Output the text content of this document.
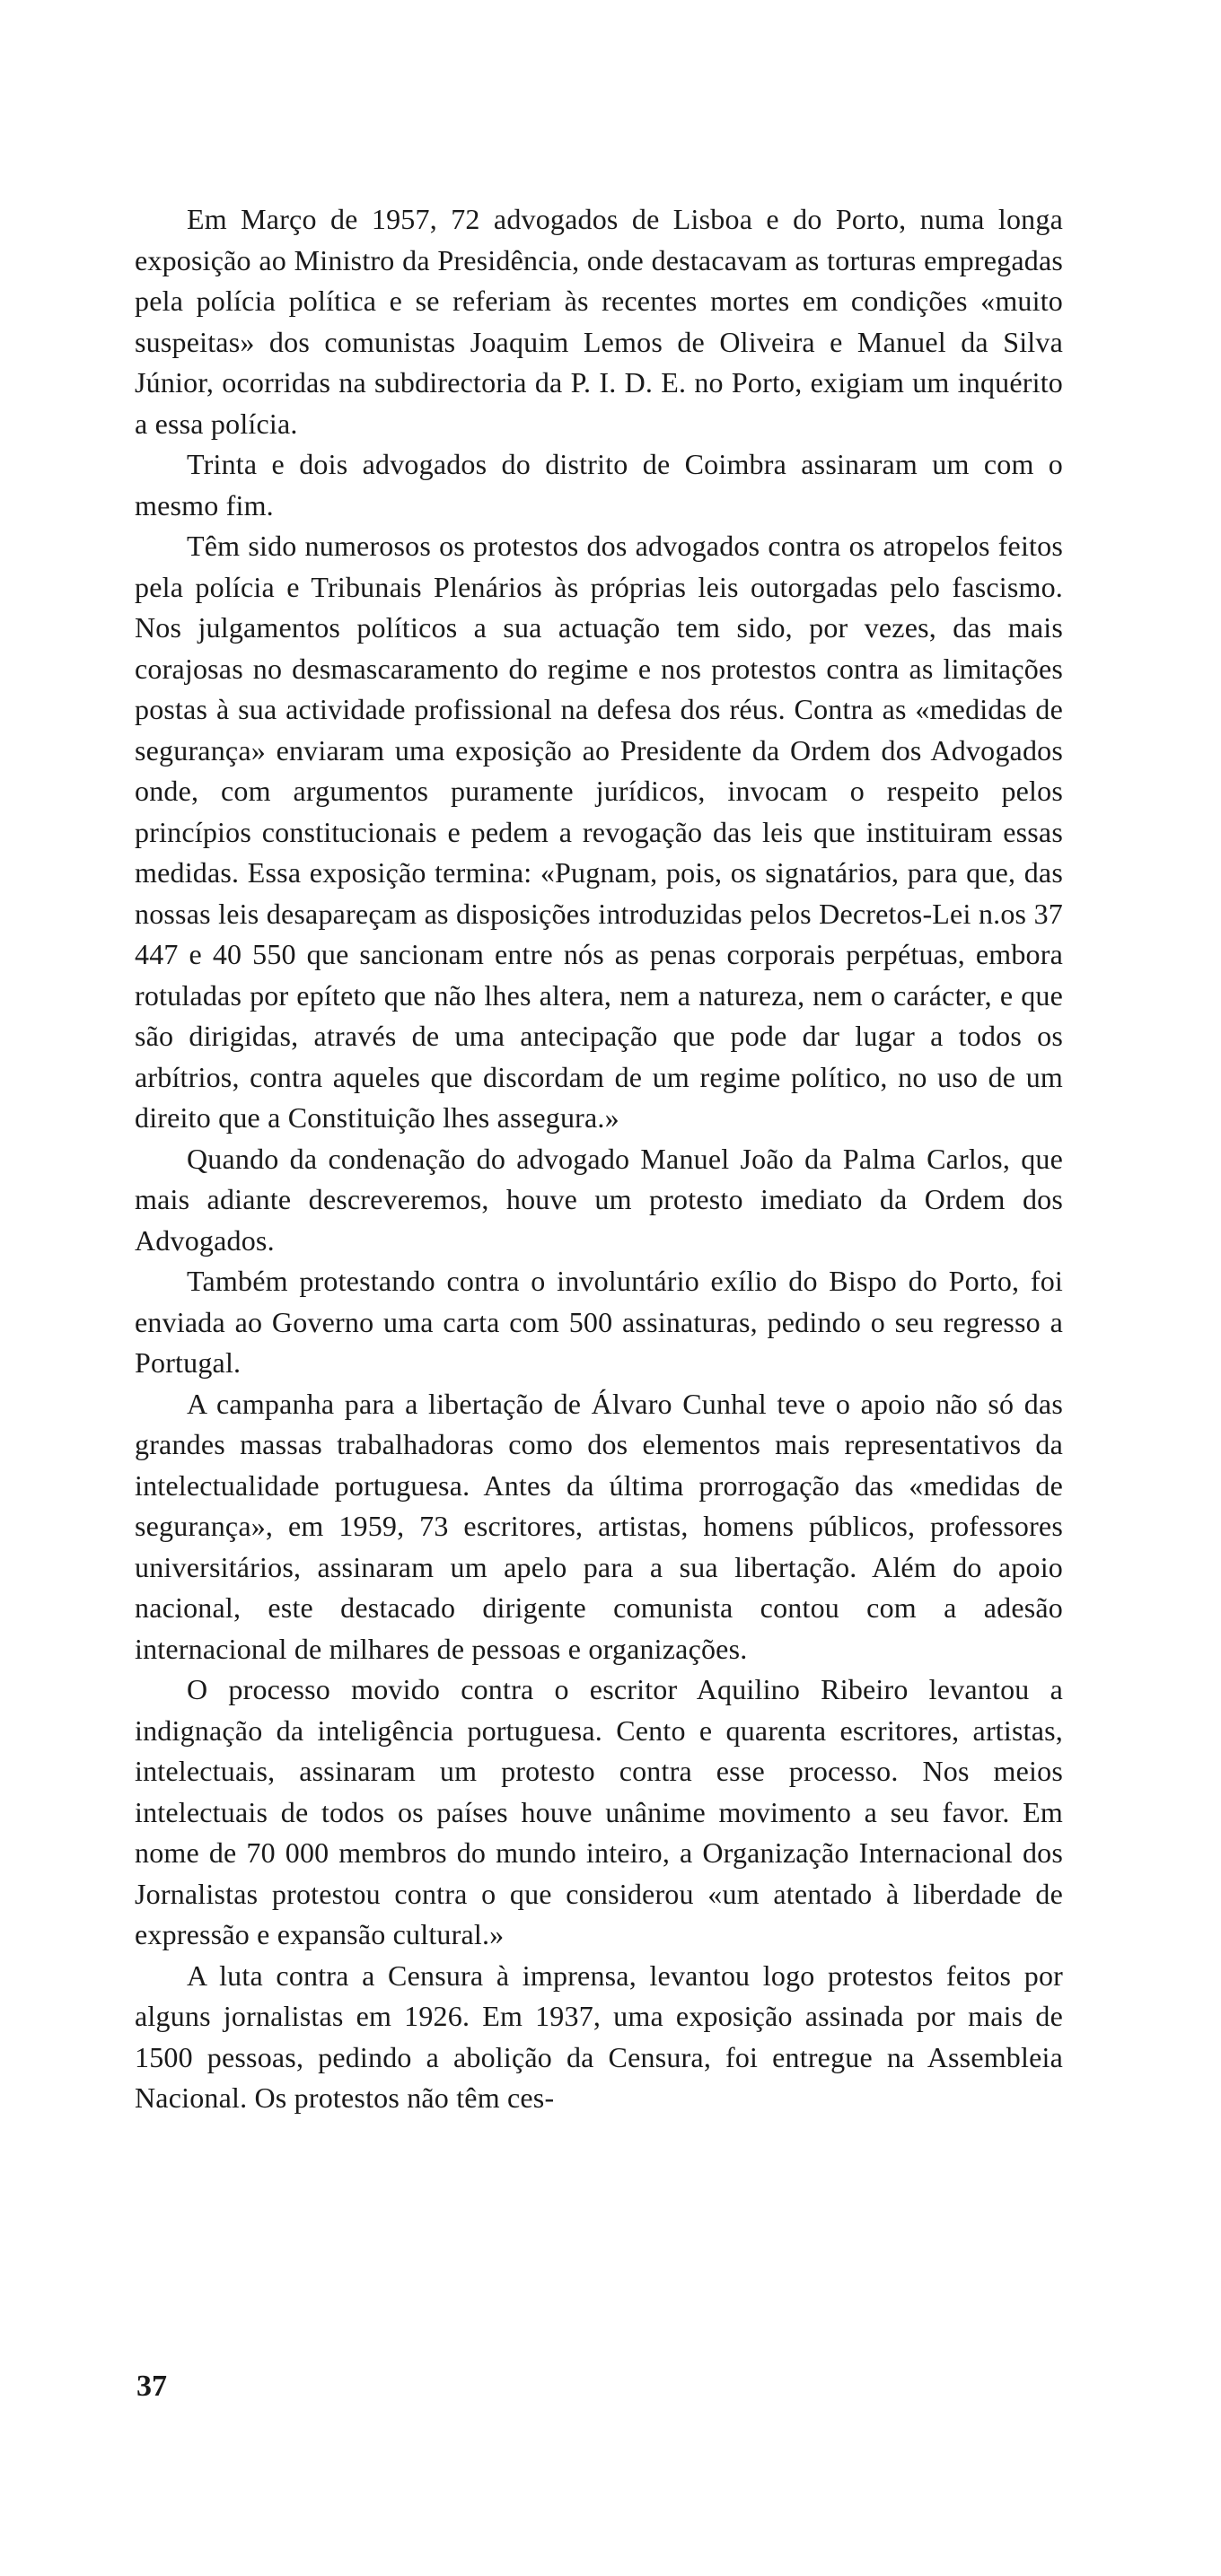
Em Março de 1957, 72 advogados de Lisboa e do Porto, numa longa exposição ao Ministro da Presidência, onde destacavam as torturas empregadas pela polícia política e se referiam às recentes mortes em condições «muito suspeitas» dos comunistas Joaquim Lemos de Oliveira e Manuel da Silva Júnior, ocorridas na subdirectoria da P. I. D. E. no Porto, exigiam um inquérito a essa polícia.

Trinta e dois advogados do distrito de Coimbra assinaram um com o mesmo fim.

Têm sido numerosos os protestos dos advogados contra os atropelos feitos pela polícia e Tribunais Plenários às próprias leis outorgadas pelo fascismo. Nos julgamentos políticos a sua actuação tem sido, por vezes, das mais corajosas no desmascaramento do regime e nos protestos contra as limitações postas à sua actividade profissional na defesa dos réus. Contra as «medidas de segurança» enviaram uma exposição ao Presidente da Ordem dos Advogados onde, com argumentos puramente jurídicos, invocam o respeito pelos princípios constitucionais e pedem a revogação das leis que instituiram essas medidas. Essa exposição termina: «Pugnam, pois, os signatários, para que, das nossas leis desapareçam as disposições introduzidas pelos Decretos-Lei n.os 37 447 e 40 550 que sancionam entre nós as penas corporais perpétuas, embora rotuladas por epíteto que não lhes altera, nem a natureza, nem o carácter, e que são dirigidas, através de uma antecipação que pode dar lugar a todos os arbítrios, contra aqueles que discordam de um regime político, no uso de um direito que a Constituição lhes assegura.»

Quando da condenação do advogado Manuel João da Palma Carlos, que mais adiante descreveremos, houve um protesto imediato da Ordem dos Advogados.

Também protestando contra o involuntário exílio do Bispo do Porto, foi enviada ao Governo uma carta com 500 assinaturas, pedindo o seu regresso a Portugal.

A campanha para a libertação de Álvaro Cunhal teve o apoio não só das grandes massas trabalhadoras como dos elementos mais representativos da intelectualidade portuguesa. Antes da última prorrogação das «medidas de segurança», em 1959, 73 escritores, artistas, homens públicos, professores universitários, assinaram um apelo para a sua libertação. Além do apoio nacional, este destacado dirigente comunista contou com a adesão internacional de milhares de pessoas e organizações.

O processo movido contra o escritor Aquilino Ribeiro levantou a indignação da inteligência portuguesa. Cento e quarenta escritores, artistas, intelectuais, assinaram um protesto contra esse processo. Nos meios intelectuais de todos os países houve unânime movimento a seu favor. Em nome de 70 000 membros do mundo inteiro, a Organização Internacional dos Jornalistas protestou contra o que considerou «um atentado à liberdade de expressão e expansão cultural.»

A luta contra a Censura à imprensa, levantou logo protestos feitos por alguns jornalistas em 1926. Em 1937, uma exposição assinada por mais de 1500 pessoas, pedindo a abolição da Censura, foi entregue na Assembleia Nacional. Os protestos não têm ces-

37
